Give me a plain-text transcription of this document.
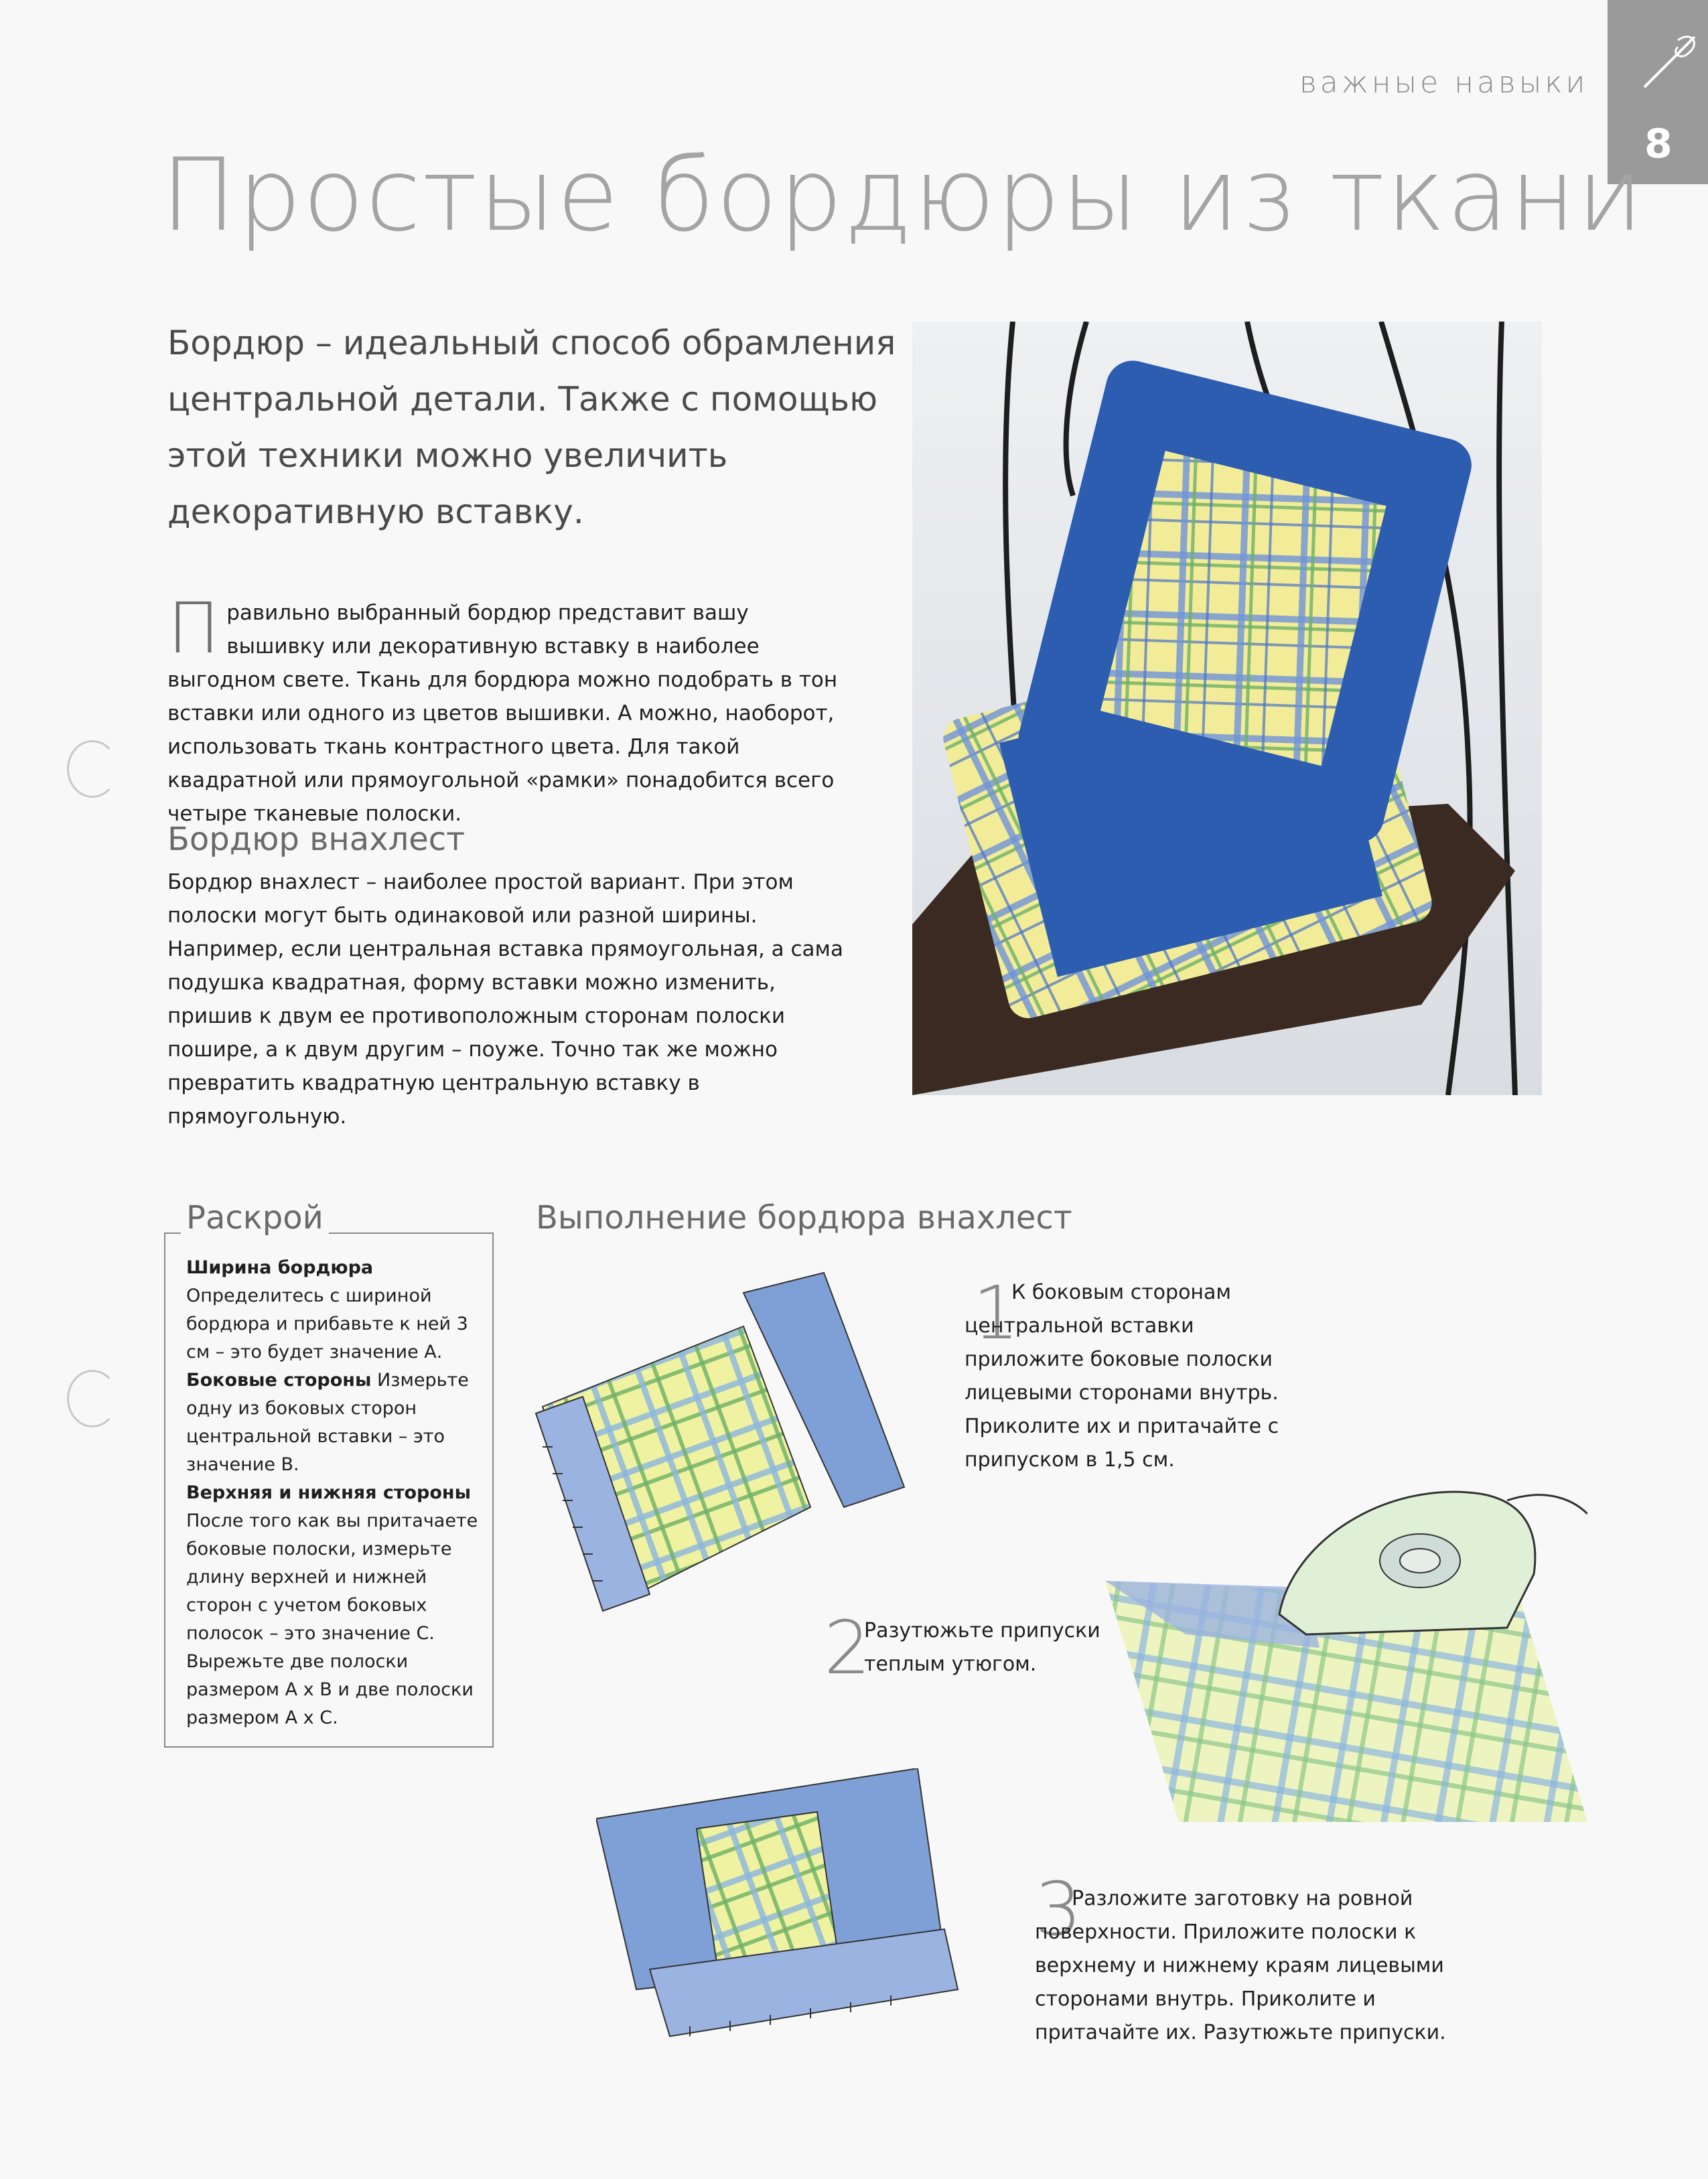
важные навыки
8
Простые бордюры из ткани
Бордюр – идеальный способ обрамления центральной детали. Также с помощью этой техники можно увеличить декоративную вставку.
Правильно выбранный бордюр представит вашу вышивку или декоративную вставку в наиболее выгодном свете. Ткань для бордюра можно подобрать в тон вставки или одного из цветов вышивки. А можно, наоборот, использовать ткань контрастного цвета. Для такой квадратной или прямоугольной «рамки» понадобится всего четыре тканевые полоски.
Бордюр внахлест
Бордюр внахлест – наиболее простой вариант. При этом полоски могут быть одинаковой или разной ширины. Например, если центральная вставка прямоугольная, а сама подушка квадратная, форму вставки можно изменить, пришив к двум ее противоположным сторонам полоски пошире, а к двум другим – поуже. Точно так же можно превратить квадратную центральную вставку в прямоугольную.
Раскрой
Ширина бордюра
Определитесь с шириной бордюра и прибавьте к ней 3 см – это будет значение А.
Боковые стороны Измерьте одну из боковых сторон центральной вставки – это значение В.
Верхняя и нижняя стороны
После того как вы притачаете боковые полоски, измерьте длину верхней и нижней сторон с учетом боковых полосок – это значение С. Вырежьте две полоски размером А х В и две полоски размером А х С.
Выполнение бордюра внахлест
1
К боковым сторонам центральной вставки приложите боковые полоски лицевыми сторонами внутрь. Приколите их и притачайте с припуском в 1,5 см.
2
Разутюжьте припуски теплым утюгом.
3
Разложите заготовку на ровной поверхности. Приложите полоски к верхнему и нижнему краям лицевыми сторонами внутрь. Приколите и притачайте их. Разутюжьте припуски.
